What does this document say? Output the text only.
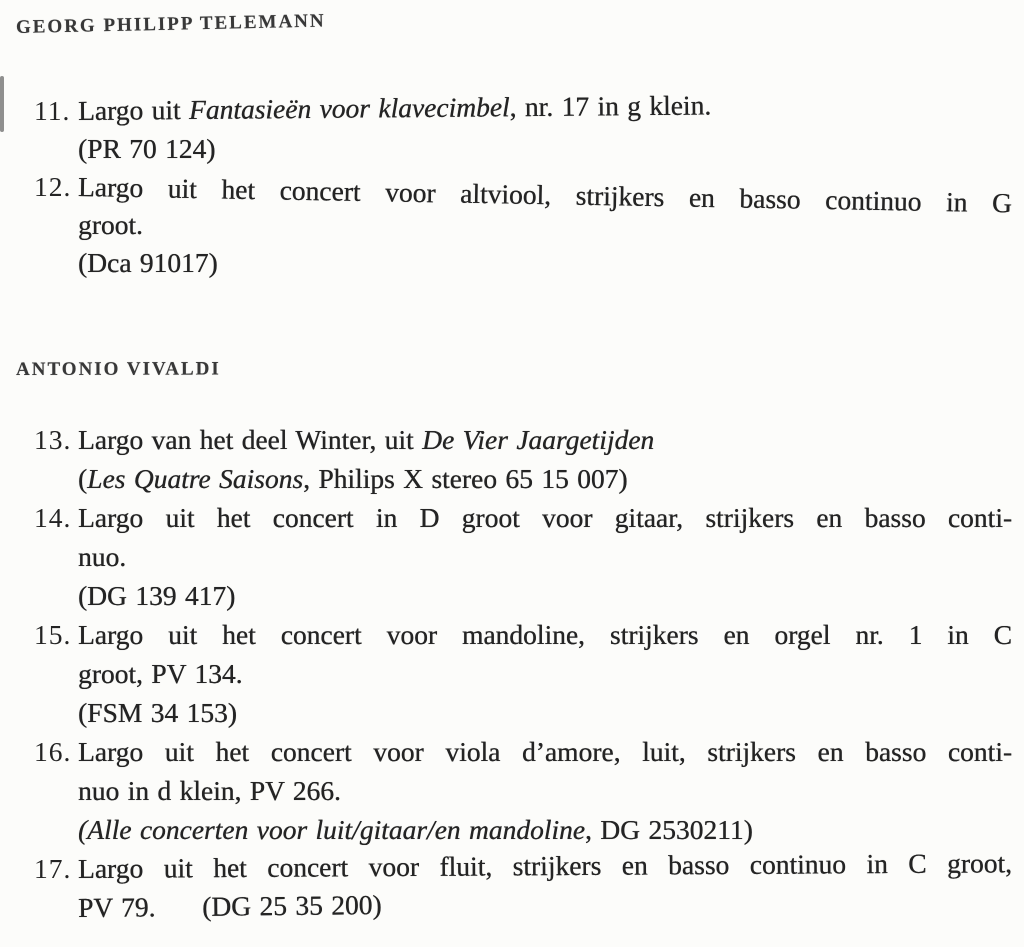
GEORG PHILIPP TELEMANN
11. Largo uit Fantasieën voor klavecimbel, nr. 17 in g klein.
(PR 70 124)
12. Largo uit het concert voor altviool, strijkers en basso continuo in G
groot.
(Dca 91017)
ANTONIO VIVALDI
13. Largo van het deel Winter, uit De Vier Jaargetijden
(Les Quatre Saisons, Philips X stereo 65 15 007)
14. Largo uit het concert in D groot voor gitaar, strijkers en basso conti-
nuo.
(DG 139 417)
15. Largo uit het concert voor mandoline, strijkers en orgel nr. 1 in C
groot, PV 134.
(FSM 34 153)
16. Largo uit het concert voor viola d’amore, luit, strijkers en basso conti-
nuo in d klein, PV 266.
(Alle concerten voor luit/gitaar/en mandoline, DG 2530211)
17. Largo uit het concert voor fluit, strijkers en basso continuo in C groot,
PV 79. (DG 25 35 200)
